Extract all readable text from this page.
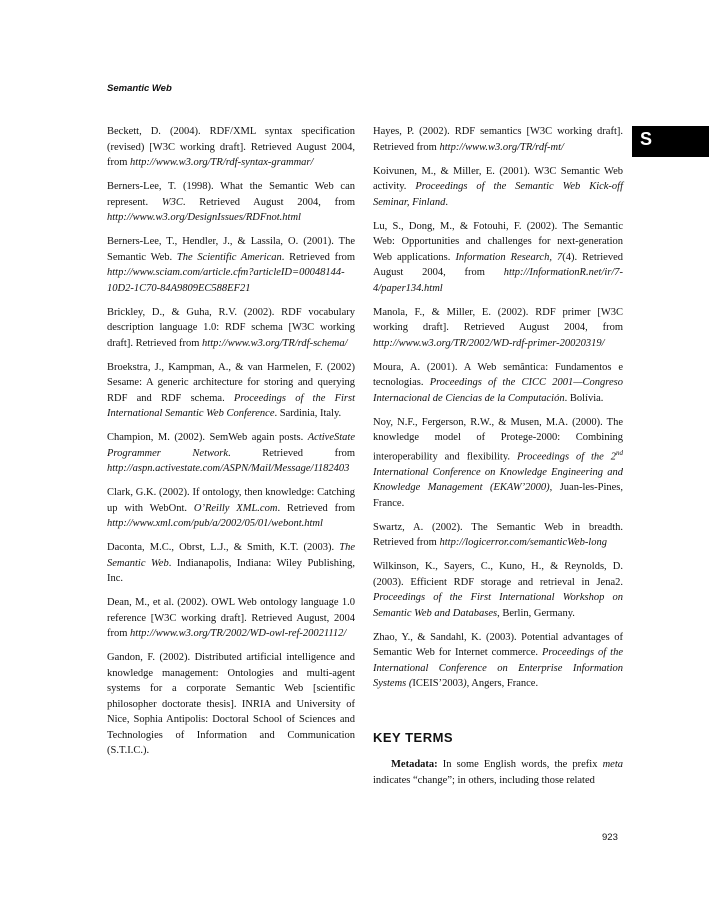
Semantic Web
S

Beckett, D. (2004). RDF/XML syntax specification (revised) [W3C working draft]. Retrieved August 2004, from http://www.w3.org/TR/rdf-syntax-grammar/

Berners-Lee, T. (1998). What the Semantic Web can represent. W3C. Retrieved August 2004, from http://www.w3.org/DesignIssues/RDFnot.html

Berners-Lee, T., Hendler, J., & Lassila, O. (2001). The Semantic Web. The Scientific American. Retrieved from http://www.sciam.com/article.cfm?articleID=00048144-10D2-1C70-84A9809EC588EF21

Brickley, D., & Guha, R.V. (2002). RDF vocabulary description language 1.0: RDF schema [W3C working draft]. Retrieved from http://www.w3.org/TR/rdf-schema/

Broekstra, J., Kampman, A., & van Harmelen, F. (2002) Sesame: A generic architecture for storing and querying RDF and RDF schema. Proceedings of the First International Semantic Web Conference. Sardinia, Italy.

Champion, M. (2002). SemWeb again posts. ActiveState Programmer Network. Retrieved from http://aspn.activestate.com/ASPN/Mail/Message/1182403

Clark, G.K. (2002). If ontology, then knowledge: Catching up with WebOnt. O’Reilly XML.com. Retrieved from http://www.xml.com/pub/a/2002/05/01/webont.html

Daconta, M.C., Obrst, L.J., & Smith, K.T. (2003). The Semantic Web. Indianapolis, Indiana: Wiley Publishing, Inc.

Dean, M., et al. (2002). OWL Web ontology language 1.0 reference [W3C working draft]. Retrieved August, 2004 from http://www.w3.org/TR/2002/WD-owl-ref-20021112/

Gandon, F. (2002). Distributed artificial intelligence and knowledge management: Ontologies and multi-agent systems for a corporate Semantic Web [scientific philosopher doctorate thesis]. INRIA and University of Nice, Sophia Antipolis: Doctoral School of Sciences and Technologies of Information and Communication (S.T.I.C.).

Hayes, P. (2002). RDF semantics [W3C working draft]. Retrieved from http://www.w3.org/TR/rdf-mt/

Koivunen, M., & Miller, E. (2001). W3C Semantic Web activity. Proceedings of the Semantic Web Kick-off Seminar, Finland.

Lu, S., Dong, M., & Fotouhi, F. (2002). The Semantic Web: Opportunities and challenges for next-generation Web applications. Information Research, 7(4). Retrieved August 2004, from http://InformationR.net/ir/7-4/paper134.html

Manola, F., & Miller, E. (2002). RDF primer [W3C working draft]. Retrieved August 2004, from http://www.w3.org/TR/2002/WD-rdf-primer-20020319/

Moura, A. (2001). A Web semântica: Fundamentos e tecnologias. Proceedings of the CICC 2001—Congreso Internacional de Ciencias de la Computación. Bolívia.

Noy, N.F., Fergerson, R.W., & Musen, M.A. (2000). The knowledge model of Protege-2000: Combining interoperability and flexibility. Proceedings of the 2nd International Conference on Knowledge Engineering and Knowledge Management (EKAW’2000), Juan-les-Pines, France.

Swartz, A. (2002). The Semantic Web in breadth. Retrieved from http://logicerror.com/semanticWeb-long

Wilkinson, K., Sayers, C., Kuno, H., & Reynolds, D. (2003). Efficient RDF storage and retrieval in Jena2. Proceedings of the First International Workshop on Semantic Web and Databases, Berlin, Germany.

Zhao, Y., & Sandahl, K. (2003). Potential advantages of Semantic Web for Internet commerce. Proceedings of the International Conference on Enterprise Information Systems (ICEIS’2003), Angers, France.

KEY TERMS

Metadata: In some English words, the prefix meta indicates “change”; in others, including those related

923
